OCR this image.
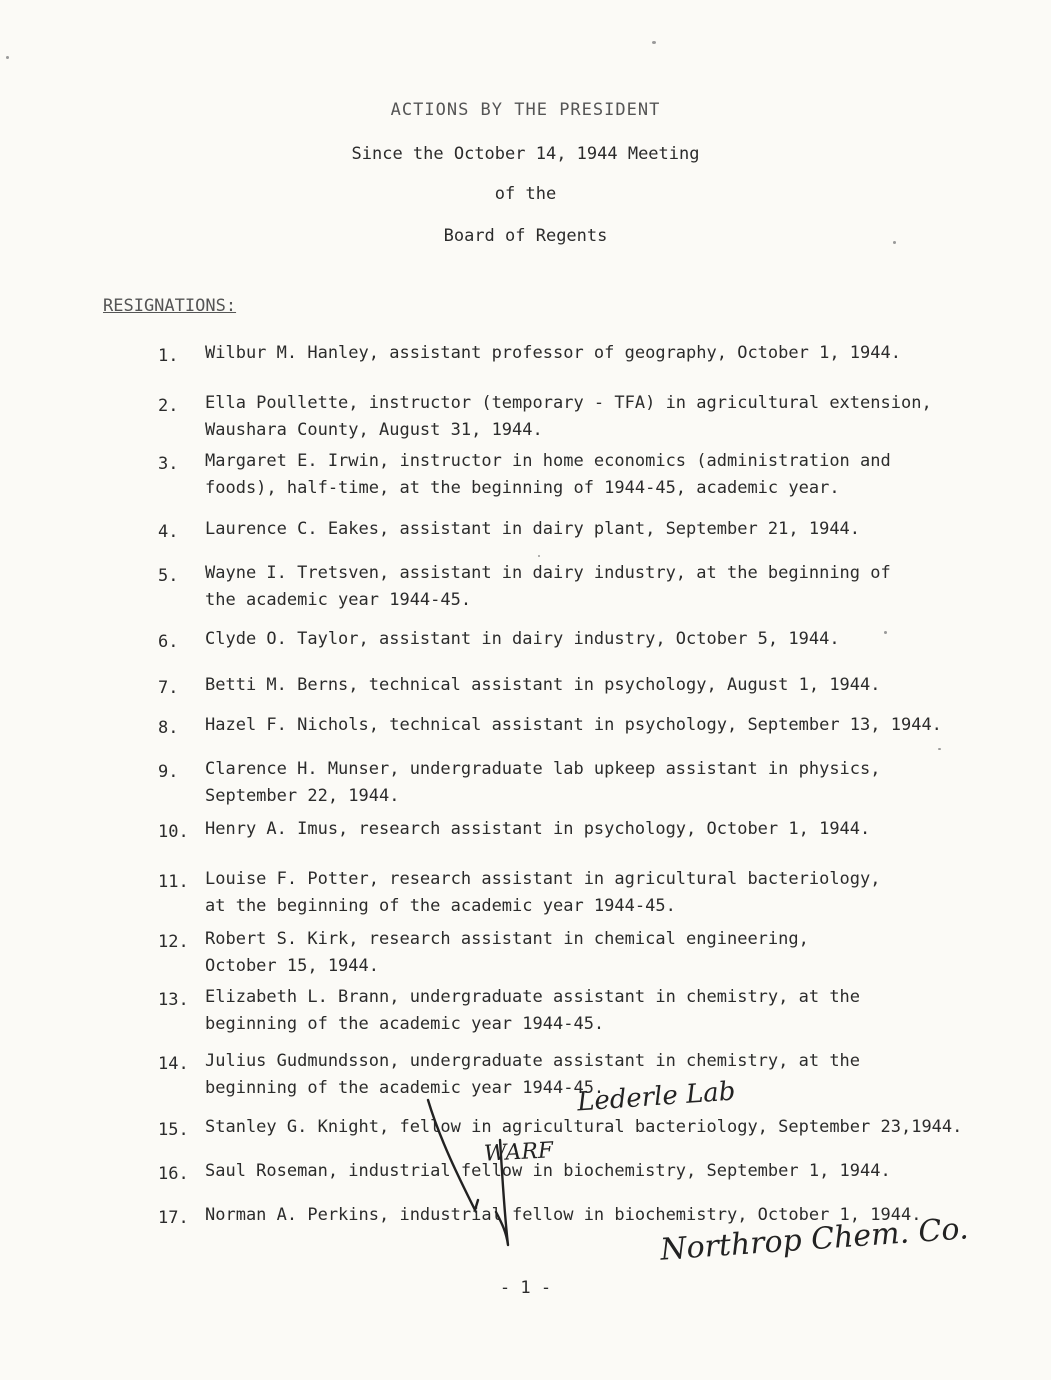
ACTIONS BY THE PRESIDENT
Since the October 14, 1944 Meeting
of the
Board of Regents
RESIGNATIONS:
1.	Wilbur M. Hanley, assistant professor of geography, October 1, 1944.
2.	Ella Poullette, instructor (temporary - TFA) in agricultural extension,
Waushara County, August 31, 1944.
3.	Margaret E. Irwin, instructor in home economics (administration and
foods), half-time, at the beginning of 1944-45, academic year.
4.	Laurence C. Eakes, assistant in dairy plant, September 21, 1944.
5.	Wayne I. Tretsven, assistant in dairy industry, at the beginning of
the academic year 1944-45.
6.	Clyde O. Taylor, assistant in dairy industry, October 5, 1944.
7.	Betti M. Berns, technical assistant in psychology, August 1, 1944.
8.	Hazel F. Nichols, technical assistant in psychology, September 13, 1944.
9.	Clarence H. Munser, undergraduate lab upkeep assistant in physics,
September 22, 1944.
10. Henry A. Imus, research assistant in psychology, October 1, 1944.
11. Louise F. Potter, research assistant in agricultural bacteriology,
at the beginning of the academic year 1944-45.
12. Robert S. Kirk, research assistant in chemical engineering,
October 15, 1944.
13. Elizabeth L. Brann, undergraduate assistant in chemistry, at the
beginning of the academic year 1944-45.
14. Julius Gudmundsson, undergraduate assistant in chemistry, at the
beginning of the academic year 1944-45.
15. Stanley G. Knight, fellow in agricultural bacteriology, September 23,1944.
16. Saul Roseman, industrial fellow in biochemistry, September 1, 1944.
17. Norman A. Perkins, industrial fellow in biochemistry, October 1, 1944.
Lederle Lab
WARF
Northrop Chem. Co.
- 1 -
